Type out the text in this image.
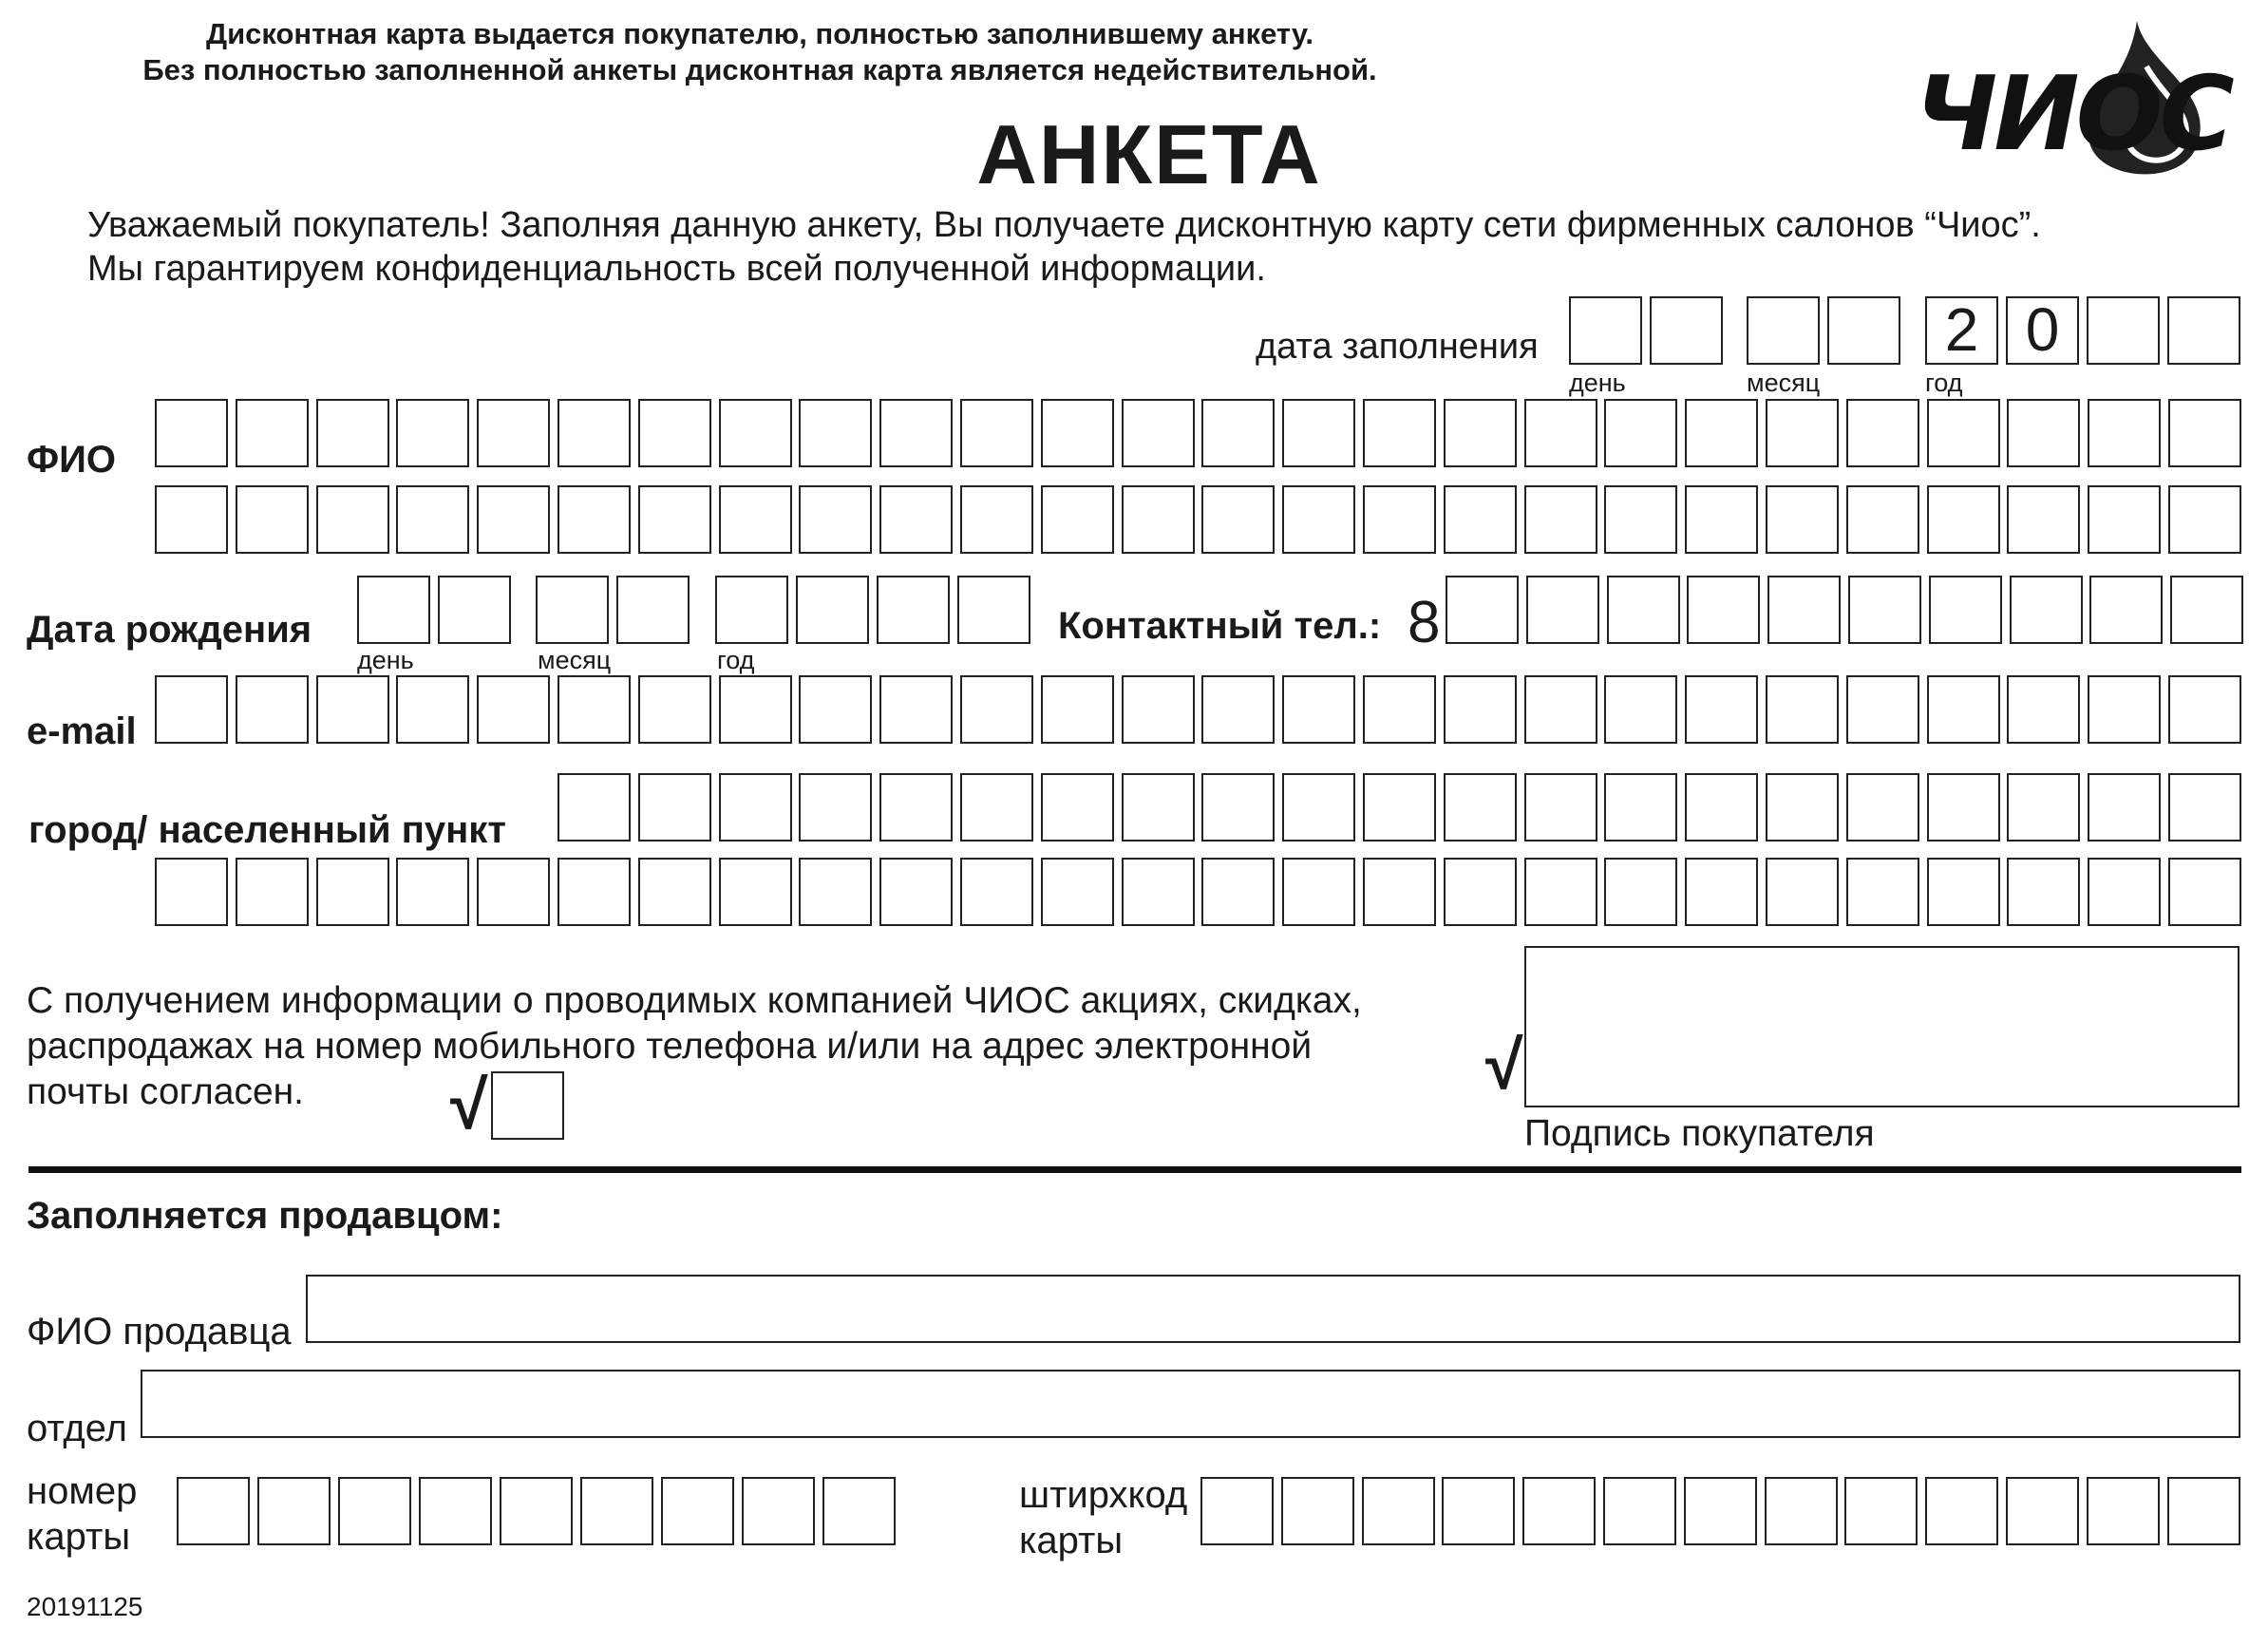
Дисконтная карта выдается покупателю, полностью заполнившему анкету.
Без полностью заполненной анкеты дисконтная карта является недействительной.
АНКЕТА	ЧИОС
Уважаемый покупатель! Заполняя данную анкету, Вы получаете дисконтную карту сети фирменных салонов “Чиос”.
Мы гарантируем конфиденциальность всей полученной информации.
дата заполнения	2 0
день	месяц	год
ФИО
Дата рождения
день	месяц	год
Контактный тел.: 8
e-mail
город/ населенный пункт
С получением информации о проводимых компанией ЧИОС акциях, скидках,
распродажах на номер мобильного телефона и/или на адрес электронной
почты согласен. √
√
Подпись покупателя
Заполняется продавцом:
ФИО продавца
отдел
номер
карты
штирхкод
карты
20191125
